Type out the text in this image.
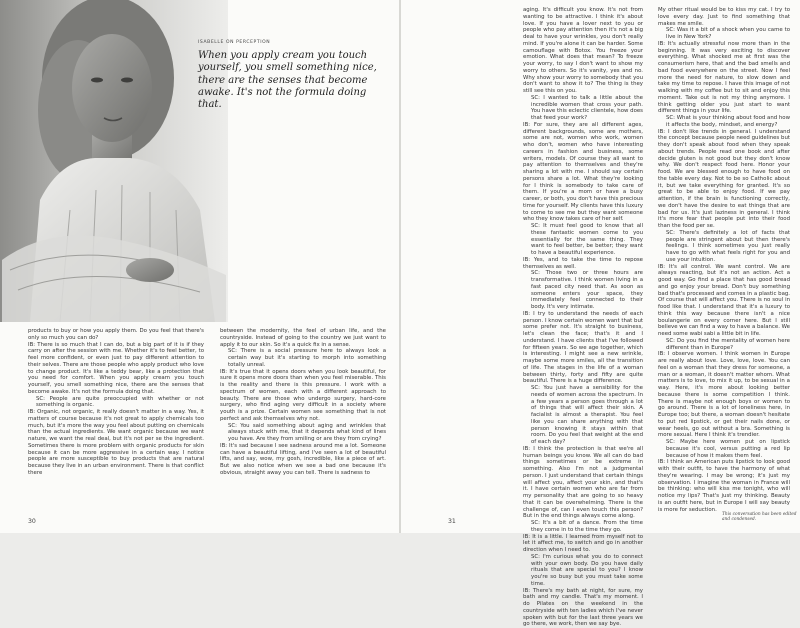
ISABELLE ON PERCEPTION

When you apply cream you touch yourself, you smell something nice, there are the senses that become awake. It's not the formula doing that.

products to buy or how you apply them. Do you feel that there's only so much you can do?

IB: There is so much that I can do, but a big part of it is if they carry on after the session with me. Whether it's to feel better, to feel more confident, or even just to pay different attention to their selves. There are those people who apply product who love to change product. It's like a teddy bear, like a protection that you need for comfort. When you apply cream you touch yourself, you smell something nice, there are the senses that become awake. It's not the formula doing that.

SC: People are quite preoccupied with whether or not something is organic.

IB: Organic, not organic, it really doesn't matter in a way. Yes, it matters of course because it's not great to apply chemicals too much, but it's more the way you feel about putting on chemicals than the actual ingredients. We want organic because we want nature, we want the real deal, but it's not per se the ingredient. Sometimes there is more problem with organic products for skin because it can be more aggressive in a certain way. I notice people are more susceptible to buy products that are natural because they live in an urban environment. There is that conflict there

between the modernity, the feel of urban life, and the countryside. Instead of going to the country we just want to apply it to our skin. So it's a quick fix in a sense.

SC: There is a social pressure here to always look a certain way but it's starting to morph into something totally unreal.

IB: It's true that it opens doors when you look beautiful, for sure it opens more doors than when you feel miserable. This is the reality and there is this pressure. I work with a spectrum of women, each with a different approach to beauty. There are those who undergo surgery, hard-core surgery, who find aging very difficult in a society where youth is a prize. Certain women see something that is not perfect and ask themselves why not.

SC: You said something about aging and wrinkles that always stuck with me, that it depends what kind of lines you have. Are they from smiling or are they from crying?

IB: It's sad because I see sadness around me a lot. Someone can have a beautiful lifting, and I've seen a lot of beautiful lifts, and say, wow, my gosh, incredible, like a piece of art. But we also notice when we see a bad one because it's obvious, straight away you can tell. There is sadness to

30

aging. It's difficult you know. It's not from wanting to be attractive. I think it's about love. If you have a lover next to you or people who pay attention then it's not a big deal to have your wrinkles, you don't really mind. If you're alone it can be harder. Some camouflage with Botox. You freeze your emotion. What does that mean? To freeze your worry, to say I don't want to show my worry to others. So it's vanity, yes and no. Why show your worry to somebody that you don't want to show it to? The thing is they still see this on you.

SC: I wanted to talk a little about the incredible women that cross your path. You have this eclectic clientele, how does that feed your work?

IB: For sure, they are all different ages, different backgrounds, some are mothers, some are not, women who work, women who don't, women who have interesting careers in fashion and business, some writers, models. Of course they all want to pay attention to themselves and they're sharing a lot with me. I should say certain persons share a lot. What they're looking for I think is somebody to take care of them. If you're a mom or have a busy career, or both, you don't have this precious time for yourself. My clients have this luxury to come to see me but they want someone who they know takes care of her self.

SC: It must feel good to know that all these fantastic women come to you essentially for the same thing. They want to feel better, be better; they want to have a beautiful experience.

IB: Yes, and to take the time to repose themselves as well.

SC: Those two or three hours are transformative. I think women living in a fast paced city need that. As soon as someone enters your space, they immediately feel connected to their body. It's very intimate.

IB: I try to understand the needs of each person. I know certain women want that but some prefer not. It's straight to business, let's clean the face; that's it and I understand. I have clients that I've followed for fifteen years. So we age together, which is interesting. I might see a new wrinkle, maybe some more smiles, all the transition of life. The stages in the life of a woman between thirty, forty and fifty are quite beautiful. There is a huge difference.

SC: You just have a sensibility for the needs of women across the spectrum. In a few years a person goes through a lot of things that will affect their skin. A facialist is almost a therapist. You feel like you can share anything with that person knowing it stays within that room. Do you feel that weight at the end of each day?

IB: I think the protection is that we're all human beings you know. We all can do bad things sometimes or be extreme in something. Also I'm not a judgmental person. I just understand that certain things will affect you, affect your skin, and that's it. I have certain women who are far from my personality that are going to so heavy that it can be overwhelming. There is the challenge of, can I even touch this person? But in the end things always come along.

SC: It's a bit of a dance. From the time they come in to the time they go.

IB: It is a little. I learned from myself not to let it affect me, to switch and go in another direction when I need to.

SC: I'm curious what you do to connect with your own body. Do you have daily rituals that are special to you? I know you're so busy but you must take some time.

IB: There's my bath at night, for sure, my bath and my candle. That's my moment. I do Pilates on the weekend in the countryside with ten ladies which I've never spoken with but for the last three years we go there, we work, then we say bye.

My other ritual would be to kiss my cat. I try to love every day. Just to find something that makes me smile.

SC: Was it a bit of a shock when you came to live in New York?

IB: It's actually stressful now more than in the beginning. It was very exciting to discover everything. What shocked me at first was the consumerism here, that and the bad smells and bad food everywhere on the street. Now I feel more the need for nature, to slow down and take my time to repose. I have this image of not walking with my coffee but to sit and enjoy this moment. Take out is not my thing anymore. I think getting older you just start to want different things in your life.

SC: What is your thinking about food and how it affects the body, mindset, and energy?

IB: I don't like trends in general. I understand the concept because people need guidelines but they don't speak about food when they speak about trends. People read one book and after decide gluten is not good but they don't know why. We don't respect food here. Honor your food. We are blessed enough to have food on the table every day. Not to be so Catholic about it, but we take everything for granted. It's so great to be able to enjoy food. If we pay attention, if the brain is functioning correctly, we don't have the desire to eat things that are bad for us. It's just laziness in general. I think it's more fear that people put into their food than the food per se.

SC: There's definitely a lot of facts that people are stringent about but then there's feelings. I think sometimes you just really have to go with what feels right for you and use your intuition.

IB: It's all control. We want control. We are always reacting, but it's not an action. Act a good way. Go find a place that has good bread and go enjoy your bread. Don't buy something bad that's processed and comes in a plastic bag. Of course that will affect you. There is no soul in food like that. I understand that it's a luxury to think this way because there isn't a nice boulangerie on every corner here. But I still believe we can find a way to have a balance. We need some wabi sabi a little bit in life.

SC: Do you find the mentality of women here different than in Europe?

IB: I observe women. I think women in Europe are really about love. Love, love, love. You can feel on a woman that they dress for someone, a man or a woman, it doesn't matter whom. What matters is to love, to mix it up, to be sexual in a way. Here, it's more about looking better because there is some competition I think. There is maybe not enough boys or women to go around. There is a lot of loneliness here, in Europe too; but there, a woman doesn't hesitate to put red lipstick, or get their nails done, or wear heels, go out without a bra. Something is more sexual. Here I think it's trendier.

SC: Maybe here women put on lipstick because it's cool, versus putting a red lip because of how it makes them feel.

IB: I think an American puts lipstick to look good with their outfit, to have the harmony of what they're wearing. I may be wrong; it's just my observation. I imagine the woman in France will be thinking: who will kiss me tonight, who will notice my lips? That's just my thinking. Beauty is an outfit here, but in Europe I will say beauty is more for seduction.

This conversation has been edited and condensed.
31
